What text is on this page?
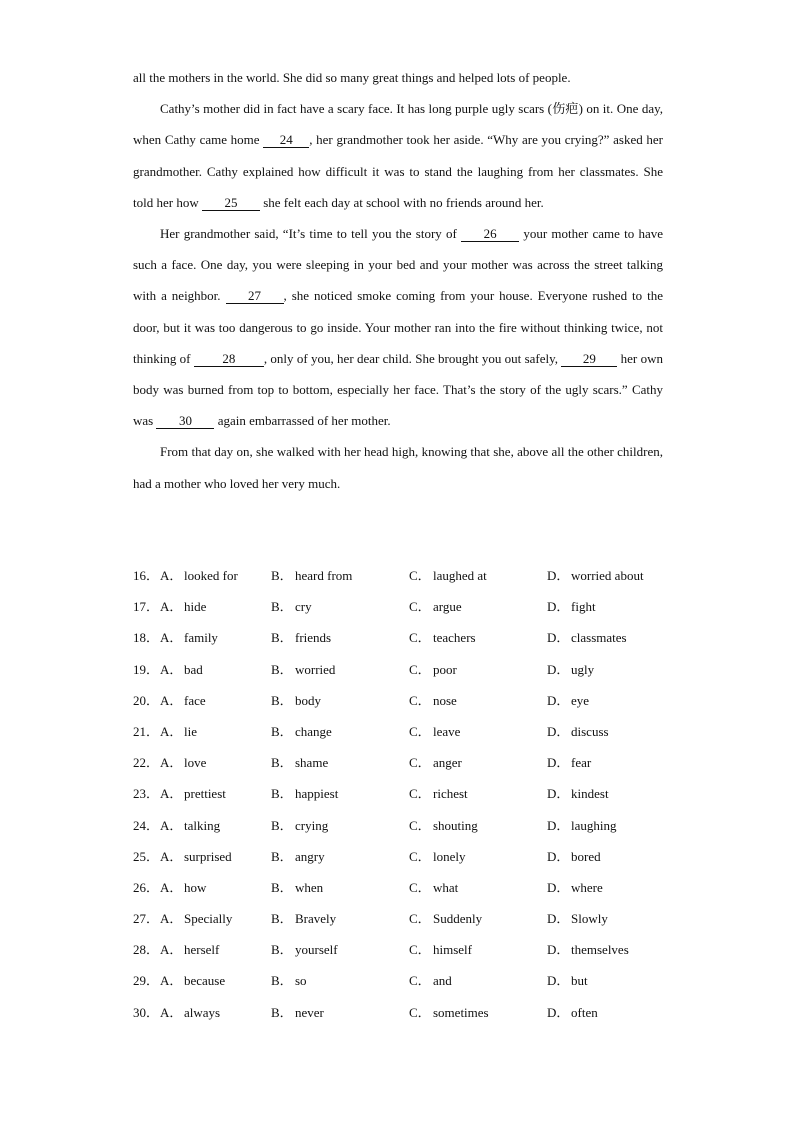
all the mothers in the world. She did so many great things and helped lots of people.

Cathy’s mother did in fact have a scary face. It has long purple ugly scars (伤疤) on it. One day, when Cathy came home 24 , her grandmother took her aside. “Why are you crying?” asked her grandmother. Cathy explained how difficult it was to stand the laughing from her classmates. She told her how 25 she felt each day at school with no friends around her.

Her grandmother said, “It’s time to tell you the story of 26 your mother came to have such a face. One day, you were sleeping in your bed and your mother was across the street talking with a neighbor. 27 , she noticed smoke coming from your house. Everyone rushed to the door, but it was too dangerous to go inside. Your mother ran into the fire without thinking twice, not thinking of 28 , only of you, her dear child. She brought you out safely, 29 her own body was burned from top to bottom, especially her face. That’s the story of the ugly scars.” Cathy was 30 again embarrassed of her mother.

From that day on, she walked with her head high, knowing that she, above all the other children, had a mother who loved her very much.

16． A． looked for	B． heard from	C． laughed at	D． worried about
17． A． hide	B． cry	C． argue	D． fight
18． A． family	B． friends	C． teachers	D． classmates
19． A． bad	B． worried	C． poor	D． ugly
20． A． face	B． body	C． nose	D． eye
21． A． lie	B． change	C． leave	D． discuss
22． A． love	B． shame	C． anger	D． fear
23． A． prettiest	B． happiest	C． richest	D． kindest
24． A． talking	B． crying	C． shouting	D． laughing
25． A． surprised	B． angry	C． lonely	D． bored
26． A． how	B． when	C． what	D． where
27． A． Specially	B． Bravely	C． Suddenly	D． Slowly
28． A． herself	B． yourself	C． himself	D． themselves
29． A． because	B． so	C． and	D． but
30． A． always	B． never	C． sometimes	D． often
